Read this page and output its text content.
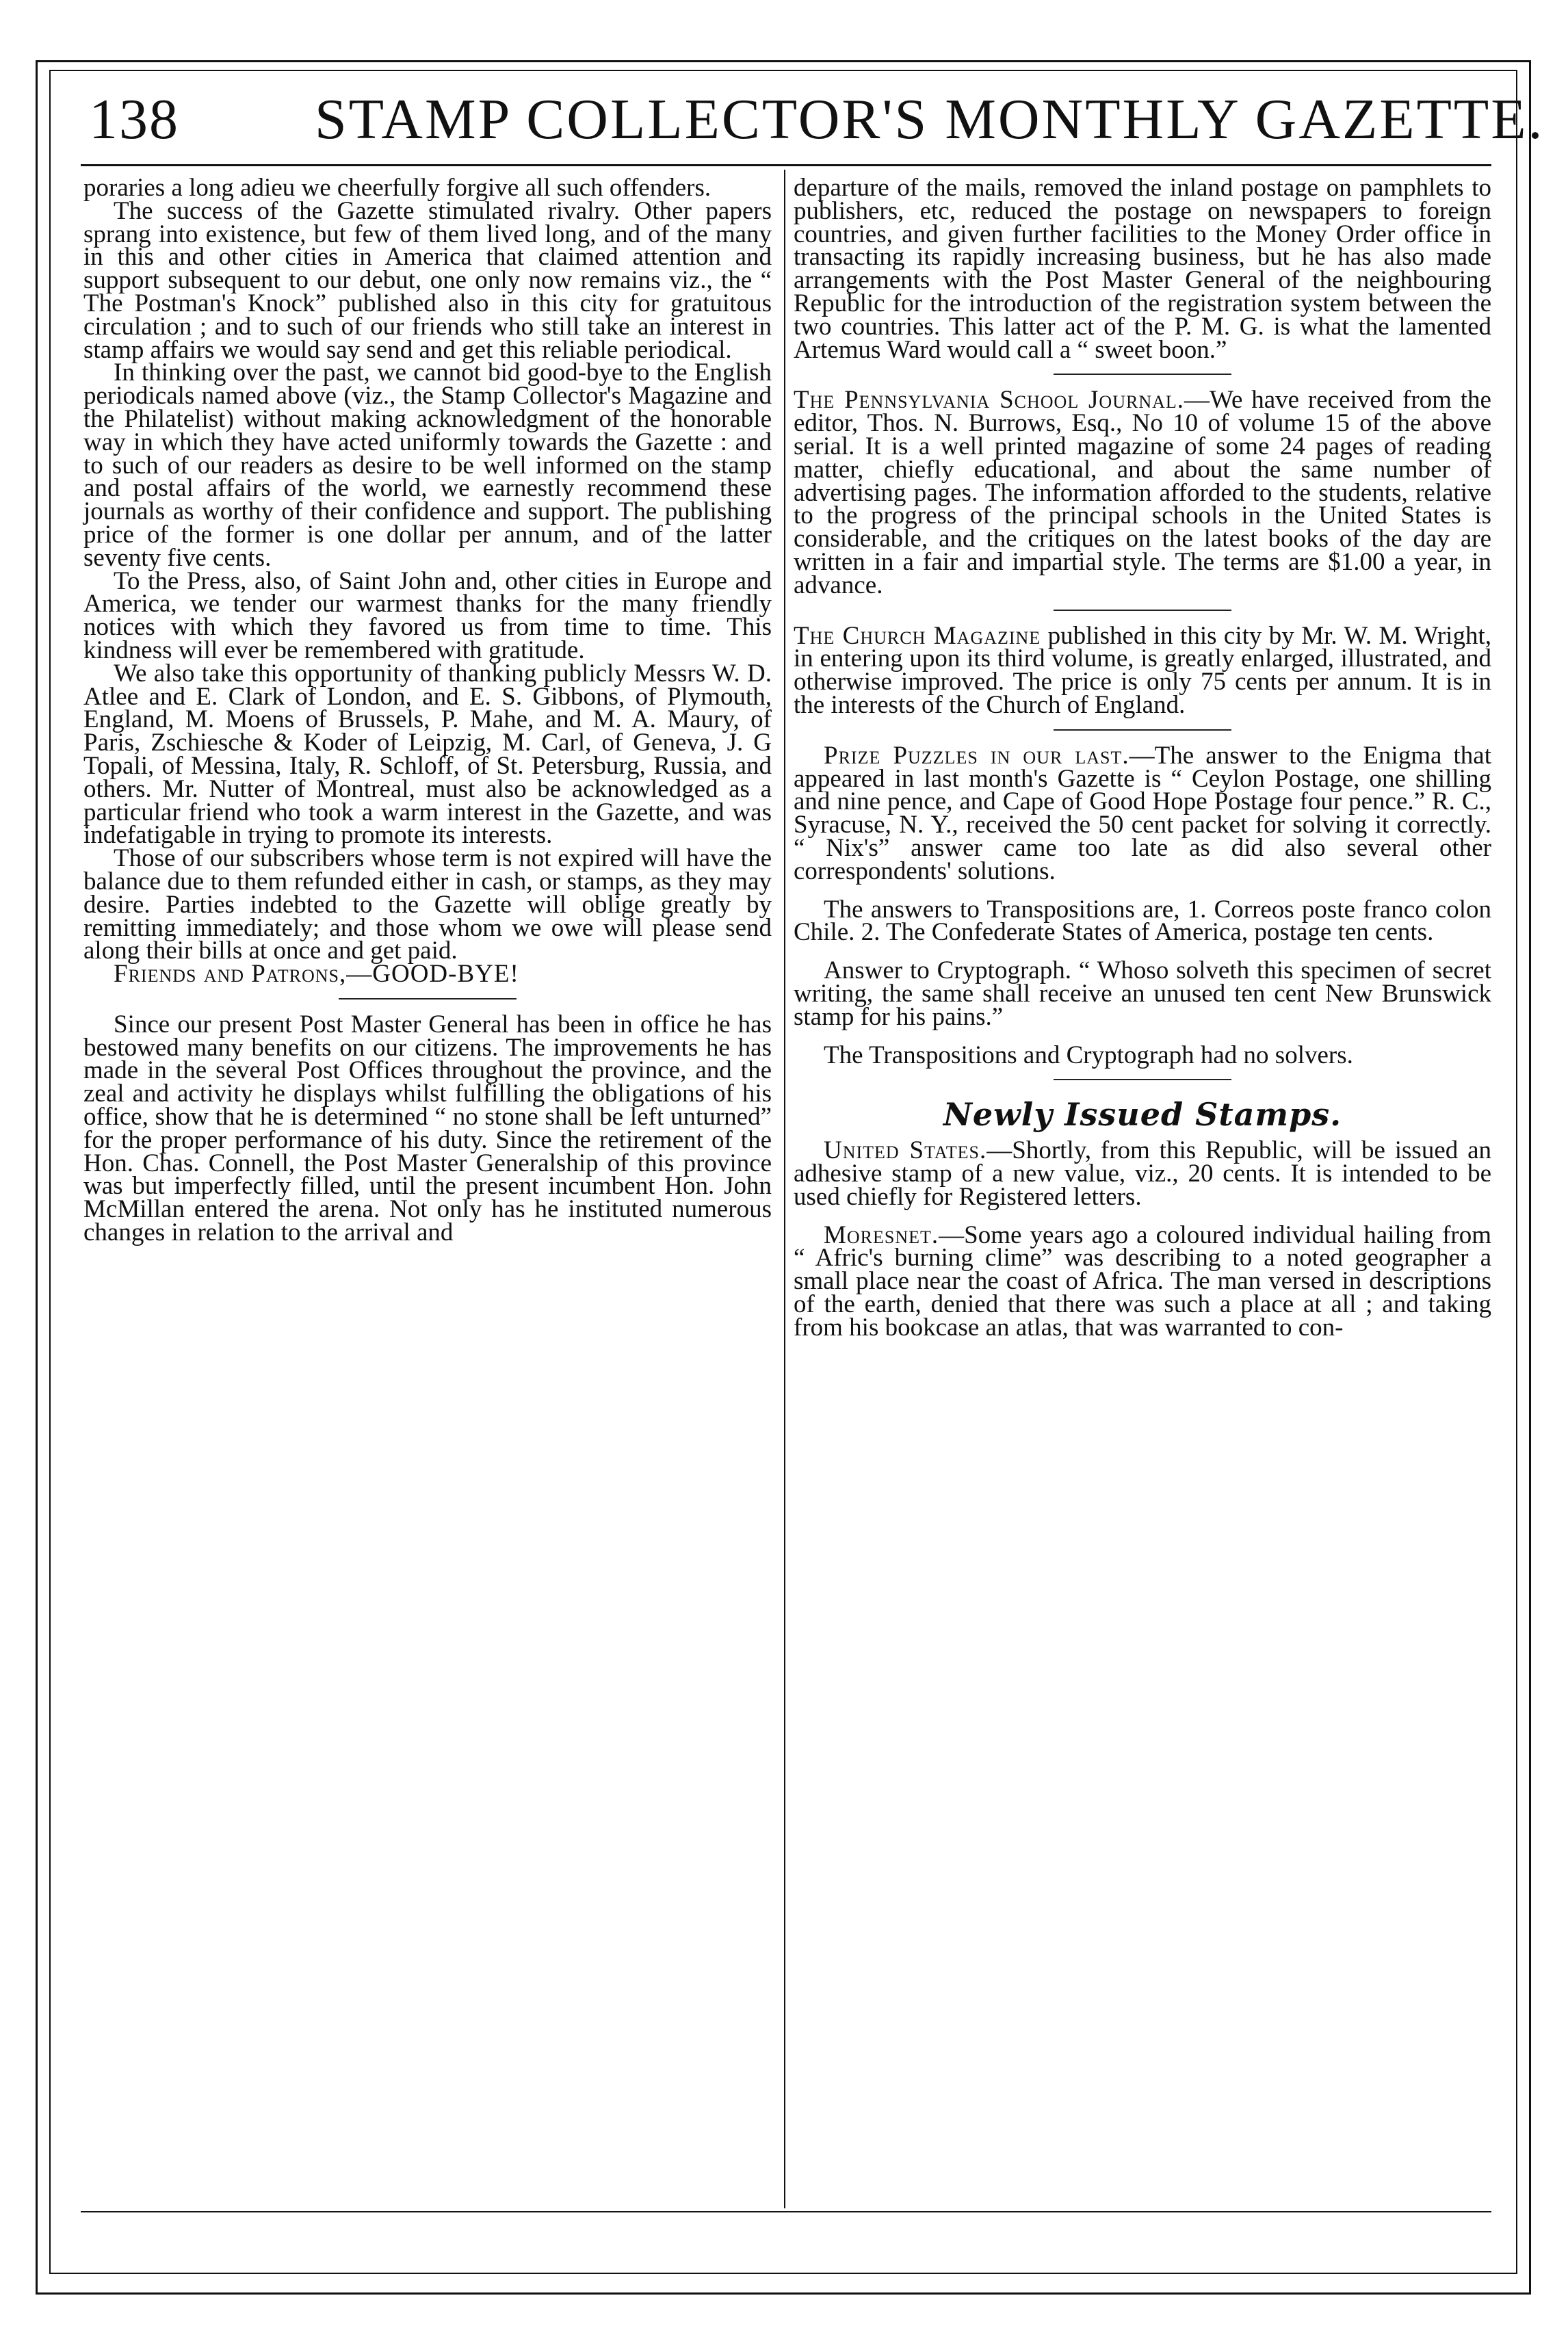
138 STAMP COLLECTOR'S MONTHLY GAZETTE.

poraries a long adieu we cheerfully forgive all such offenders.

The success of the Gazette stimulated rivalry. Other papers sprang into existence, but few of them lived long, and of the many in this and other cities in America that claimed attention and support subsequent to our debut, one only now remains viz., the “ The Postman's Knock” published also in this city for gratuitous circulation ; and to such of our friends who still take an interest in stamp affairs we would say send and get this reliable periodical.

In thinking over the past, we cannot bid good-bye to the English periodicals named above (viz., the Stamp Collector's Magazine and the Philatelist) without making acknowledgment of the honorable way in which they have acted uniformly towards the Gazette : and to such of our readers as desire to be well informed on the stamp and postal affairs of the world, we earnestly recommend these journals as worthy of their confidence and support. The publishing price of the former is one dollar per annum, and of the latter seventy five cents.

To the Press, also, of Saint John and, other cities in Europe and America, we tender our warmest thanks for the many friendly notices with which they favored us from time to time. This kindness will ever be remembered with gratitude.

We also take this opportunity of thanking publicly Messrs W. D. Atlee and E. Clark of London, and E. S. Gibbons, of Plymouth, England, M. Moens of Brussels, P. Mahe, and M. A. Maury, of Paris, Zschiesche & Koder of Leipzig, M. Carl, of Geneva, J. G Topali, of Messina, Italy, R. Schloff, of St. Petersburg, Russia, and others. Mr. Nutter of Montreal, must also be acknowledged as a particular friend who took a warm interest in the Gazette, and was indefatigable in trying to promote its interests.

Those of our subscribers whose term is not expired will have the balance due to them refunded either in cash, or stamps, as they may desire. Parties indebted to the Gazette will oblige greatly by remitting immediately; and those whom we owe will please send along their bills at once and get paid.

Friends and Patrons,—GOOD-BYE!

Since our present Post Master General has been in office he has bestowed many benefits on our citizens. The improvements he has made in the several Post Offices throughout the province, and the zeal and activity he displays whilst fulfilling the obligations of his office, show that he is determined “ no stone shall be left unturned” for the proper performance of his duty. Since the retirement of the Hon. Chas. Connell, the Post Master Generalship of this province was but imperfectly filled, until the present incumbent Hon. John McMillan entered the arena. Not only has he instituted numerous changes in relation to the arrival and

departure of the mails, removed the inland postage on pamphlets to publishers, etc, reduced the postage on newspapers to foreign countries, and given further facilities to the Money Order office in transacting its rapidly increasing business, but he has also made arrangements with the Post Master General of the neighbouring Republic for the introduction of the registration system between the two countries. This latter act of the P. M. G. is what the lamented Artemus Ward would call a “ sweet boon.”

The Pennsylvania School Journal.—We have received from the editor, Thos. N. Burrows, Esq., No 10 of volume 15 of the above serial. It is a well printed magazine of some 24 pages of reading matter, chiefly educational, and about the same number of advertising pages. The information afforded to the students, relative to the progress of the principal schools in the United States is considerable, and the critiques on the latest books of the day are written in a fair and impartial style. The terms are $1.00 a year, in advance.

The Church Magazine published in this city by Mr. W. M. Wright, in entering upon its third volume, is greatly enlarged, illustrated, and otherwise improved. The price is only 75 cents per annum. It is in the interests of the Church of England.

Prize Puzzles in our last.—The answer to the Enigma that appeared in last month's Gazette is “ Ceylon Postage, one shilling and nine pence, and Cape of Good Hope Postage four pence.” R. C., Syracuse, N. Y., received the 50 cent packet for solving it correctly. “ Nix's” answer came too late as did also several other correspondents' solutions.

The answers to Transpositions are, 1. Correos poste franco colon Chile. 2. The Confederate States of America, postage ten cents.

Answer to Cryptograph. “ Whoso solveth this specimen of secret writing, the same shall receive an unused ten cent New Brunswick stamp for his pains.”

The Transpositions and Cryptograph had no solvers.

Newly Issued Stamps.

United States.—Shortly, from this Republic, will be issued an adhesive stamp of a new value, viz., 20 cents. It is intended to be used chiefly for Registered letters.

Moresnet.—Some years ago a coloured individual hailing from “ Afric's burning clime” was describing to a noted geographer a small place near the coast of Africa. The man versed in descriptions of the earth, denied that there was such a place at all ; and taking from his bookcase an atlas, that was warranted to con-
